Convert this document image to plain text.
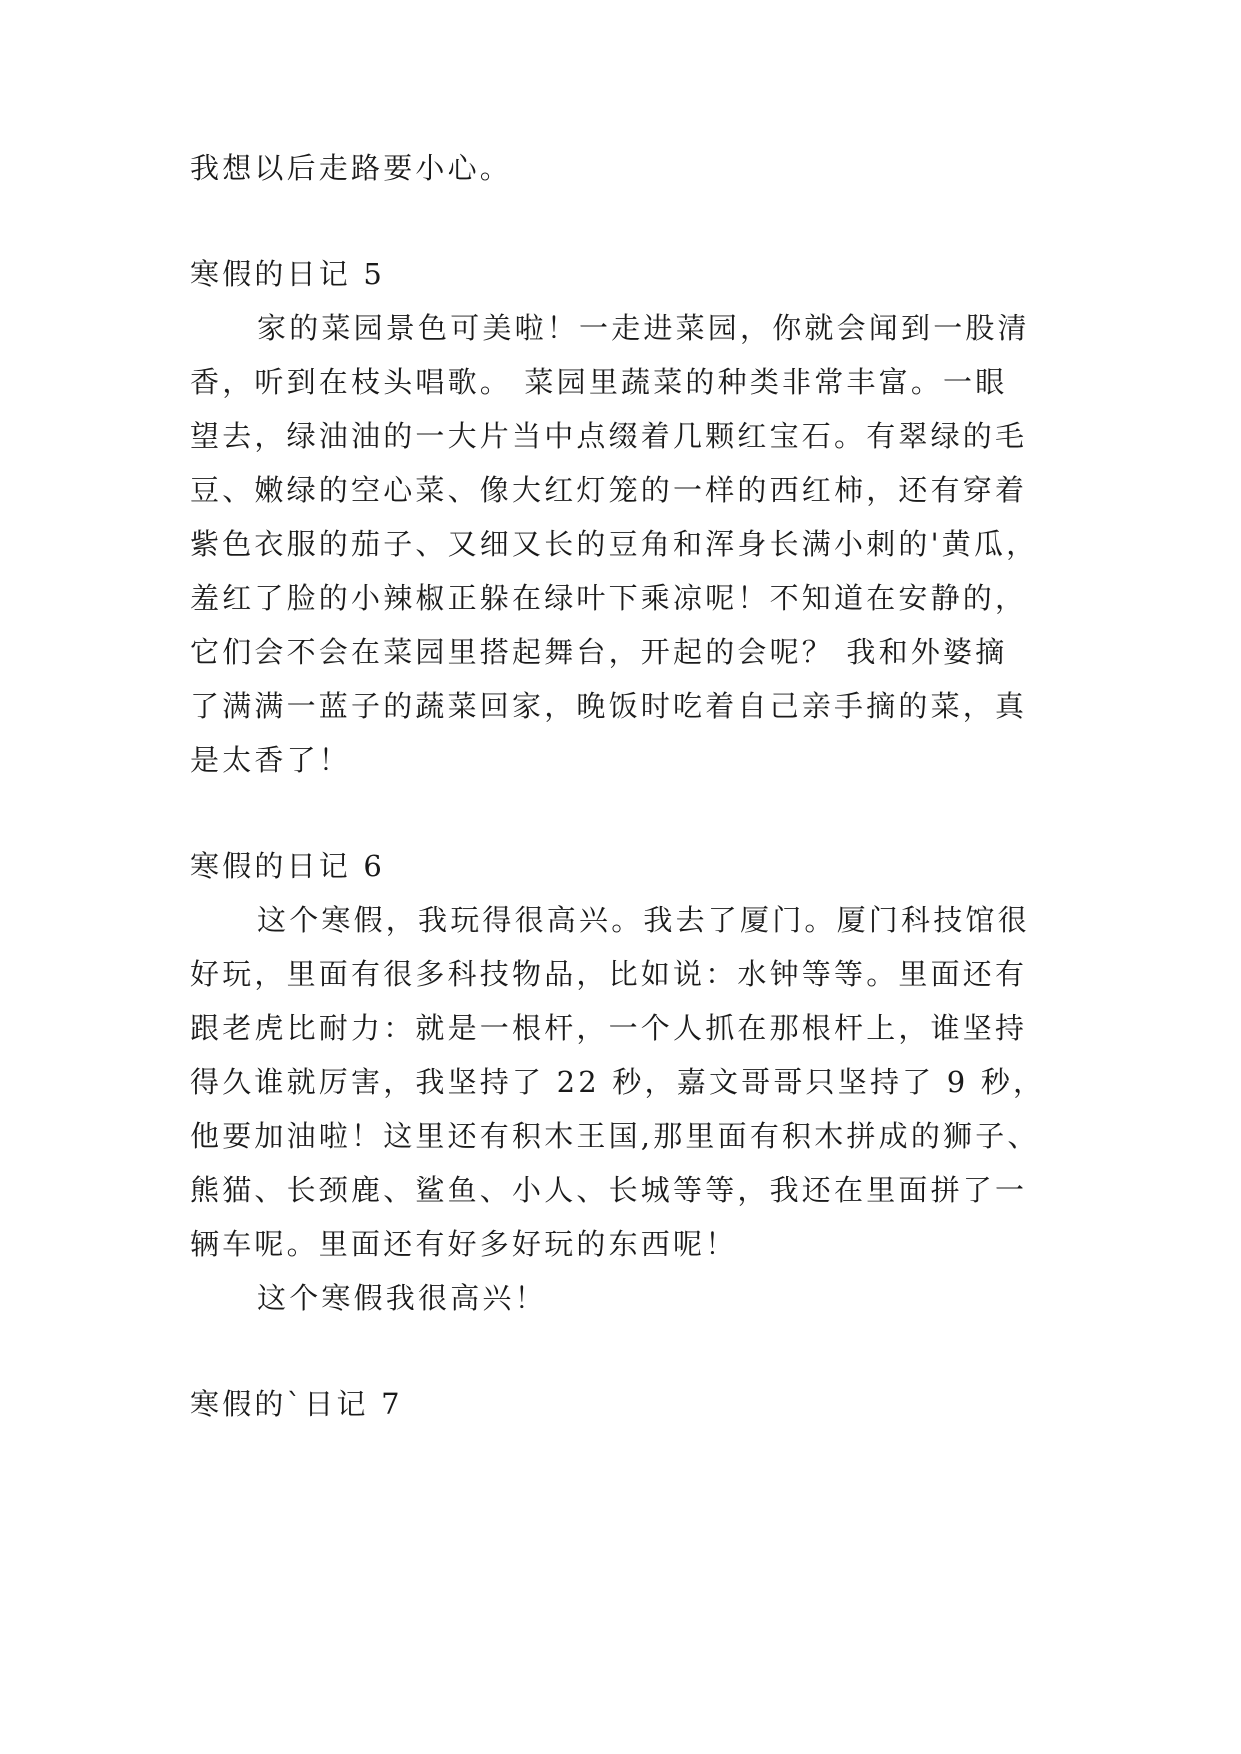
我想以后走路要小心。
寒假的日记 5
家的菜园景色可美啦！一走进菜园，你就会闻到一股清
香，听到在枝头唱歌。 菜园里蔬菜的种类非常丰富。一眼
望去，绿油油的一大片当中点缀着几颗红宝石。有翠绿的毛
豆、嫩绿的空心菜、像大红灯笼的一样的西红柿，还有穿着
紫色衣服的茄子、又细又长的豆角和浑身长满小刺的'黄瓜，
羞红了脸的小辣椒正躲在绿叶下乘凉呢！不知道在安静的，
它们会不会在菜园里搭起舞台，开起的会呢？ 我和外婆摘
了满满一蓝子的蔬菜回家，晚饭时吃着自己亲手摘的菜，真
是太香了！
寒假的日记 6
这个寒假，我玩得很高兴。我去了厦门。厦门科技馆很
好玩，里面有很多科技物品，比如说：水钟等等。里面还有
跟老虎比耐力：就是一根杆，一个人抓在那根杆上，谁坚持
得久谁就厉害，我坚持了 22 秒，嘉文哥哥只坚持了 9 秒，
他要加油啦！这里还有积木王国,那里面有积木拼成的狮子、
熊猫、长颈鹿、鲨鱼、小人、长城等等，我还在里面拼了一
辆车呢。里面还有好多好玩的东西呢！
这个寒假我很高兴！
寒假的`日记 7
